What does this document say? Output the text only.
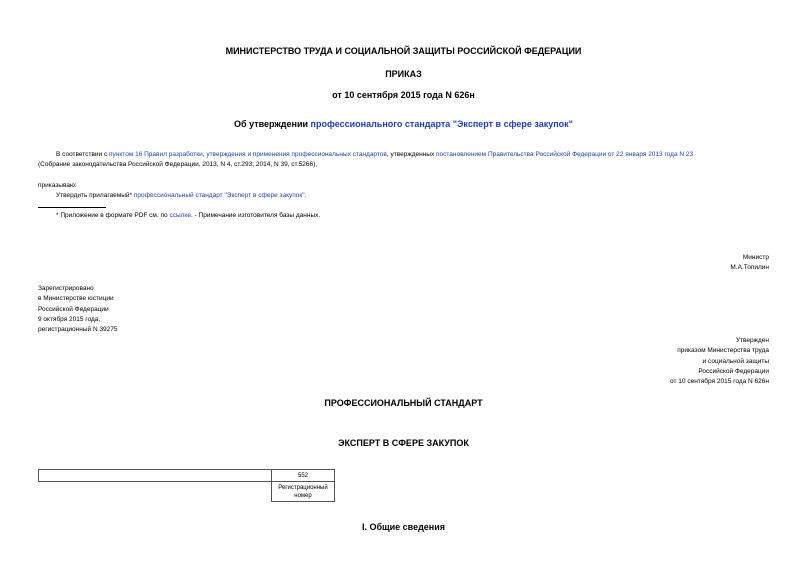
МИНИСТЕРСТВО ТРУДА И СОЦИАЛЬНОЙ ЗАЩИТЫ РОССИЙСКОЙ ФЕДЕРАЦИИ
ПРИКАЗ
от 10 сентября 2015 года N 626н
Об утверждении профессионального стандарта "Эксперт в сфере закупок"
В соответствии с пунктом 16 Правил разработки, утверждения и применения профессиональных стандартов, утвержденных постановлением Правительства Российской Федерации от 22 января 2013 года N 23
(Собрание законодательства Российской Федерации, 2013, N 4, ст.293; 2014, N 39, ст.5266),
приказываю:
Утвердить прилагаемый* профессиональный стандарт "Эксперт в сфере закупок".
* Приложение в формате PDF см. по ссылке. - Примечание изготовителя базы данных.
Министр
М.А.Топилин
Зарегистрировано
в Министерстве юстиции
Российской Федерации
9 октября 2015 года,
регистрационный N 39275
Утвержден
приказом Министерства труда
и социальной защиты
Российской Федерации
от 10 сентября 2015 года N 626н
ПРОФЕССИОНАЛЬНЫЙ СТАНДАРТ
ЭКСПЕРТ В СФЕРЕ ЗАКУПОК
	552

	Регистрационный
номер
I. Общие сведения
